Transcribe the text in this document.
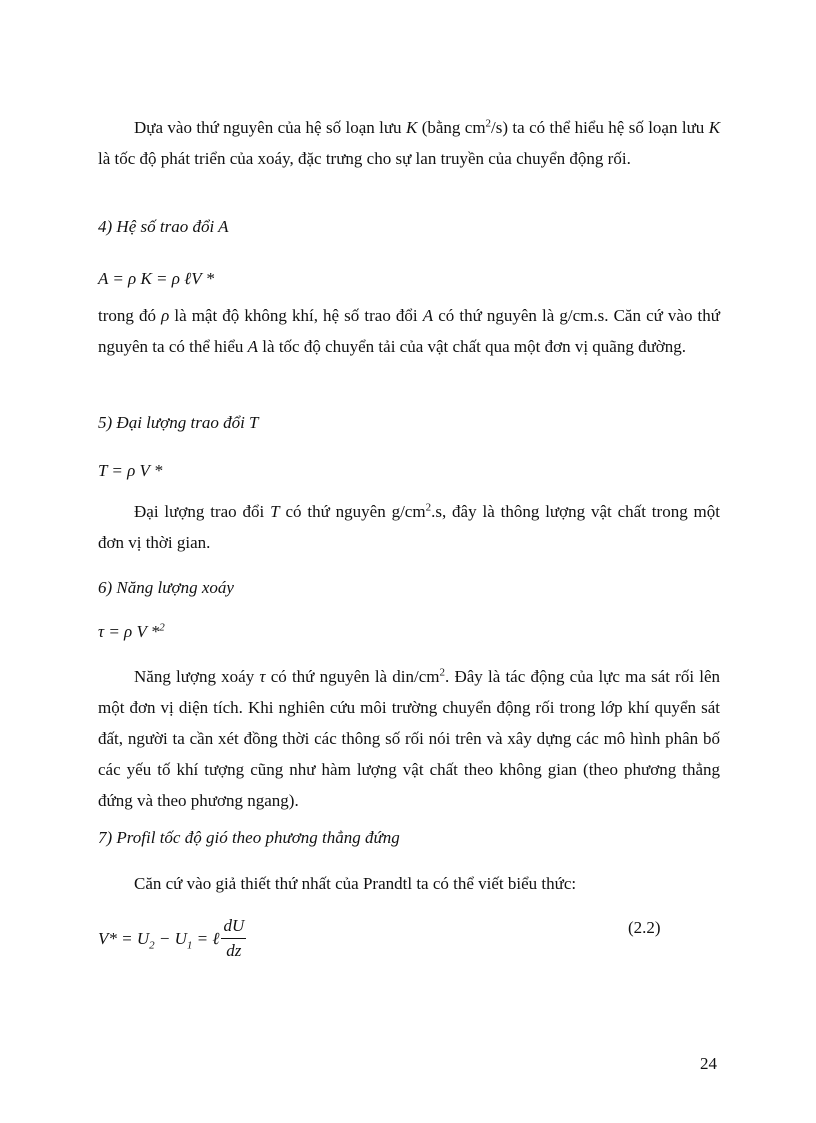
Dựa vào thứ nguyên của hệ số loạn lưu K (bằng $cm^2/s$) ta có thể hiểu hệ số loạn lưu K là tốc độ phát triển của xoáy, đặc trưng cho sự lan truyền của chuyển động rối.

4) Hệ số trao đổi A

A = ρ K = ρ ℓV *

trong đó ρ là mật độ không khí, hệ số trao đổi A có thứ nguyên là g/cm.s. Căn cứ vào thứ nguyên ta có thể hiểu A là tốc độ chuyển tải của vật chất qua một đơn vị quãng đường.

5) Đại lượng trao đổi T

T = ρ V *

Đại lượng trao đổi T có thứ nguyên $g/cm^2.s$, đây là thông lượng vật chất trong một đơn vị thời gian.

6) Năng lượng xoáy

τ = ρ V *$^2$

Năng lượng xoáy τ có thứ nguyên là din/$cm^2$. Đây là tác động của lực ma sát rối lên một đơn vị diện tích. Khi nghiên cứu môi trường chuyển động rối trong lớp khí quyển sát đất, người ta cần xét đồng thời các thông số rối nói trên và xây dựng các mô hình phân bố các yếu tố khí tượng cũng như hàm lượng vật chất theo không gian (theo phương thẳng đứng và theo phương ngang).

7) Profil tốc độ gió theo phương thẳng đứng

Căn cứ vào giả thiết thứ nhất của Prandtl ta có thể viết biểu thức:

$V* = U_2 - U_1$ = ℓ $\frac{dU}{dz}$	(2.2)
24
